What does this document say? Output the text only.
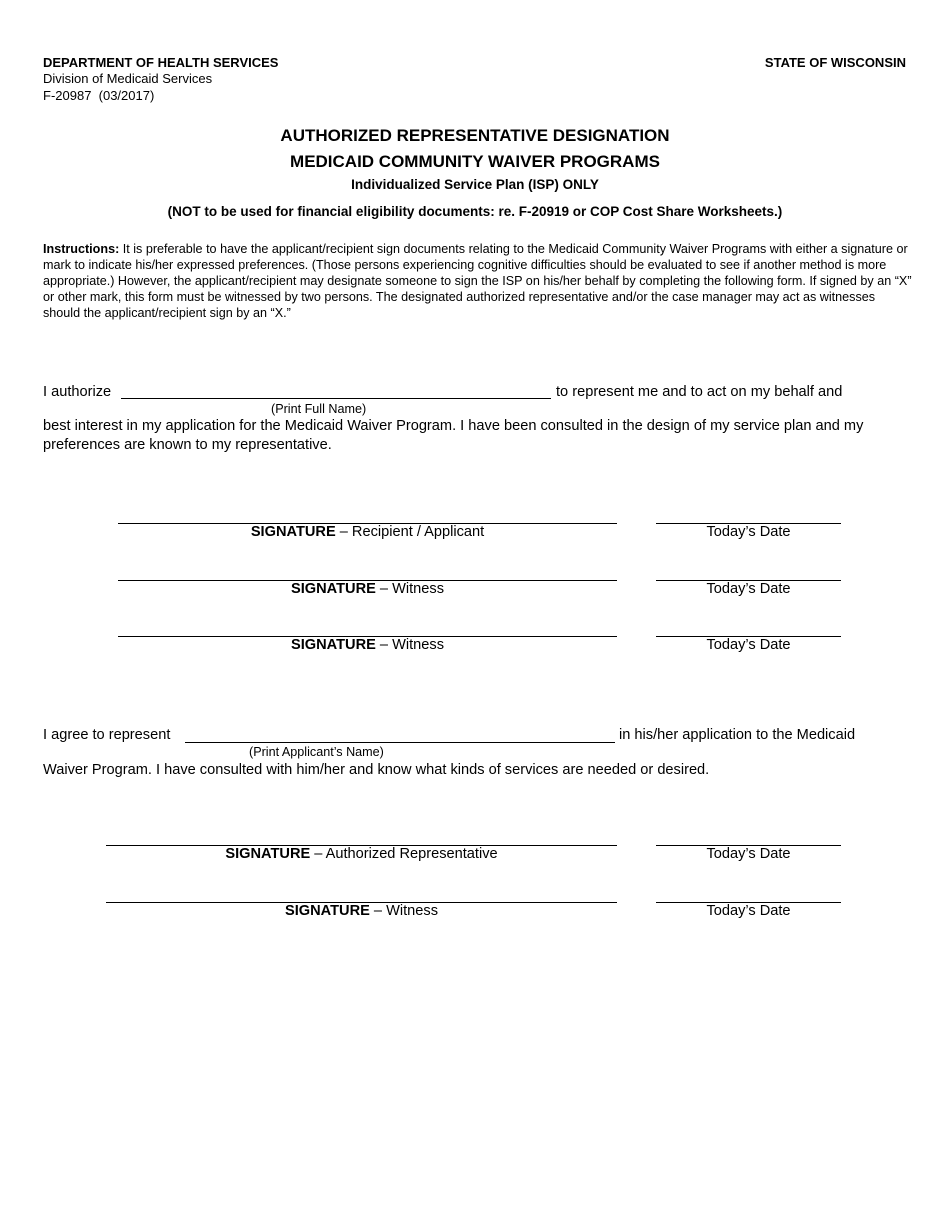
DEPARTMENT OF HEALTH SERVICES
Division of Medicaid Services
F-20987  (03/2017)
STATE OF WISCONSIN
AUTHORIZED REPRESENTATIVE DESIGNATION
MEDICAID COMMUNITY WAIVER PROGRAMS
Individualized Service Plan (ISP) ONLY
(NOT to be used for financial eligibility documents: re. F-20919 or COP Cost Share Worksheets.)
Instructions: It is preferable to have the applicant/recipient sign documents relating to the Medicaid Community Waiver Programs with either a signature or mark to indicate his/her expressed preferences. (Those persons experiencing cognitive difficulties should be evaluated to see if another method is more appropriate.) However, the applicant/recipient may designate someone to sign the ISP on his/her behalf by completing the following form. If signed by an “X” or other mark, this form must be witnessed by two persons. The designated authorized representative and/or the case manager may act as witnesses should the applicant/recipient sign by an “X.”
I authorize	to represent me and to act on my behalf and
(Print Full Name)
best interest in my application for the Medicaid Waiver Program. I have been consulted in the design of my service plan and my preferences are known to my representative.
SIGNATURE – Recipient / Applicant	Today’s Date
SIGNATURE – Witness	Today’s Date
SIGNATURE – Witness	Today’s Date
I agree to represent	in his/her application to the Medicaid
(Print Applicant’s Name)
Waiver Program. I have consulted with him/her and know what kinds of services are needed or desired.
SIGNATURE – Authorized Representative	Today’s Date
SIGNATURE – Witness	Today’s Date
